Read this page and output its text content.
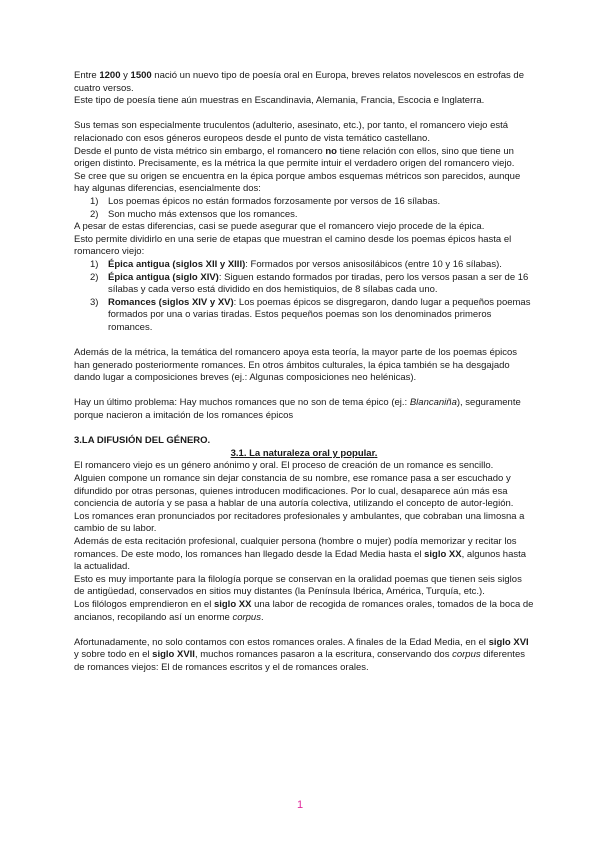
Entre 1200 y 1500 nació un nuevo tipo de poesía oral en Europa, breves relatos novelescos en estrofas de cuatro versos.

Este tipo de poesía tiene aún muestras en Escandinavia, Alemania, Francia, Escocia e Inglaterra.

Sus temas son especialmente truculentos (adulterio, asesinato, etc.), por tanto, el romancero viejo está relacionado con esos géneros europeos desde el punto de vista temático castellano.

Desde el punto de vista métrico sin embargo, el romancero no tiene relación con ellos, sino que tiene un origen distinto. Precisamente, es la métrica la que permite intuir el verdadero origen del romancero viejo.

Se cree que su origen se encuentra en la épica porque ambos esquemas métricos son parecidos, aunque hay algunas diferencias, esencialmente dos:

1) Los poemas épicos no están formados forzosamente por versos de 16 sílabas.
2) Son mucho más extensos que los romances.

A pesar de estas diferencias, casi se puede asegurar que el romancero viejo procede de la épica.

Esto permite dividirlo en una serie de etapas que muestran el camino desde los poemas épicos hasta el romancero viejo:

1) Épica antigua (siglos XII y XIII): Formados por versos anisosilábicos (entre 10 y 16 sílabas).
2) Épica antigua (siglo XIV): Siguen estando formados por tiradas, pero los versos pasan a ser de 16 sílabas y cada verso está dividido en dos hemistiquios, de 8 sílabas cada uno.
3) Romances (siglos XIV y XV): Los poemas épicos se disgregaron, dando lugar a pequeños poemas formados por una o varias tiradas. Estos pequeños poemas son los denominados primeros romances.

Además de la métrica, la temática del romancero apoya esta teoría, la mayor parte de los poemas épicos han generado posteriormente romances. En otros ámbitos culturales, la épica también se ha desgajado dando lugar a composiciones breves (ej.: Algunas composiciones neo helénicas).

Hay un último problema: Hay muchos romances que no son de tema épico (ej.: Blancaniña), seguramente porque nacieron a imitación de los romances épicos

3.LA DIFUSIÓN DEL GÉNERO.

3.1. La naturaleza oral y popular.

El romancero viejo es un género anónimo y oral. El proceso de creación de un romance es sencillo.

Alguien compone un romance sin dejar constancia de su nombre, ese romance pasa a ser escuchado y difundido por otras personas, quienes introducen modificaciones. Por lo cual, desaparece aún más esa conciencia de autoría y se pasa a hablar de una autoría colectiva, utilizando el concepto de autor-legión.

Los romances eran pronunciados por recitadores profesionales y ambulantes, que cobraban una limosna a cambio de su labor.

Además de esta recitación profesional, cualquier persona (hombre o mujer) podía memorizar y recitar los romances. De este modo, los romances han llegado desde la Edad Media hasta el siglo XX, algunos hasta la actualidad.

Esto es muy importante para la filología porque se conservan en la oralidad poemas que tienen seis siglos de antigüedad, conservados en sitios muy distantes (la Península Ibérica, América, Turquía, etc.).

Los filólogos emprendieron en el siglo XX una labor de recogida de romances orales, tomados de la boca de ancianos, recopilando así un enorme corpus.

Afortunadamente, no solo contamos con estos romances orales. A finales de la Edad Media, en el siglo XVI y sobre todo en el siglo XVII, muchos romances pasaron a la escritura, conservando dos corpus diferentes de romances viejos: El de romances escritos y el de romances orales.

1
